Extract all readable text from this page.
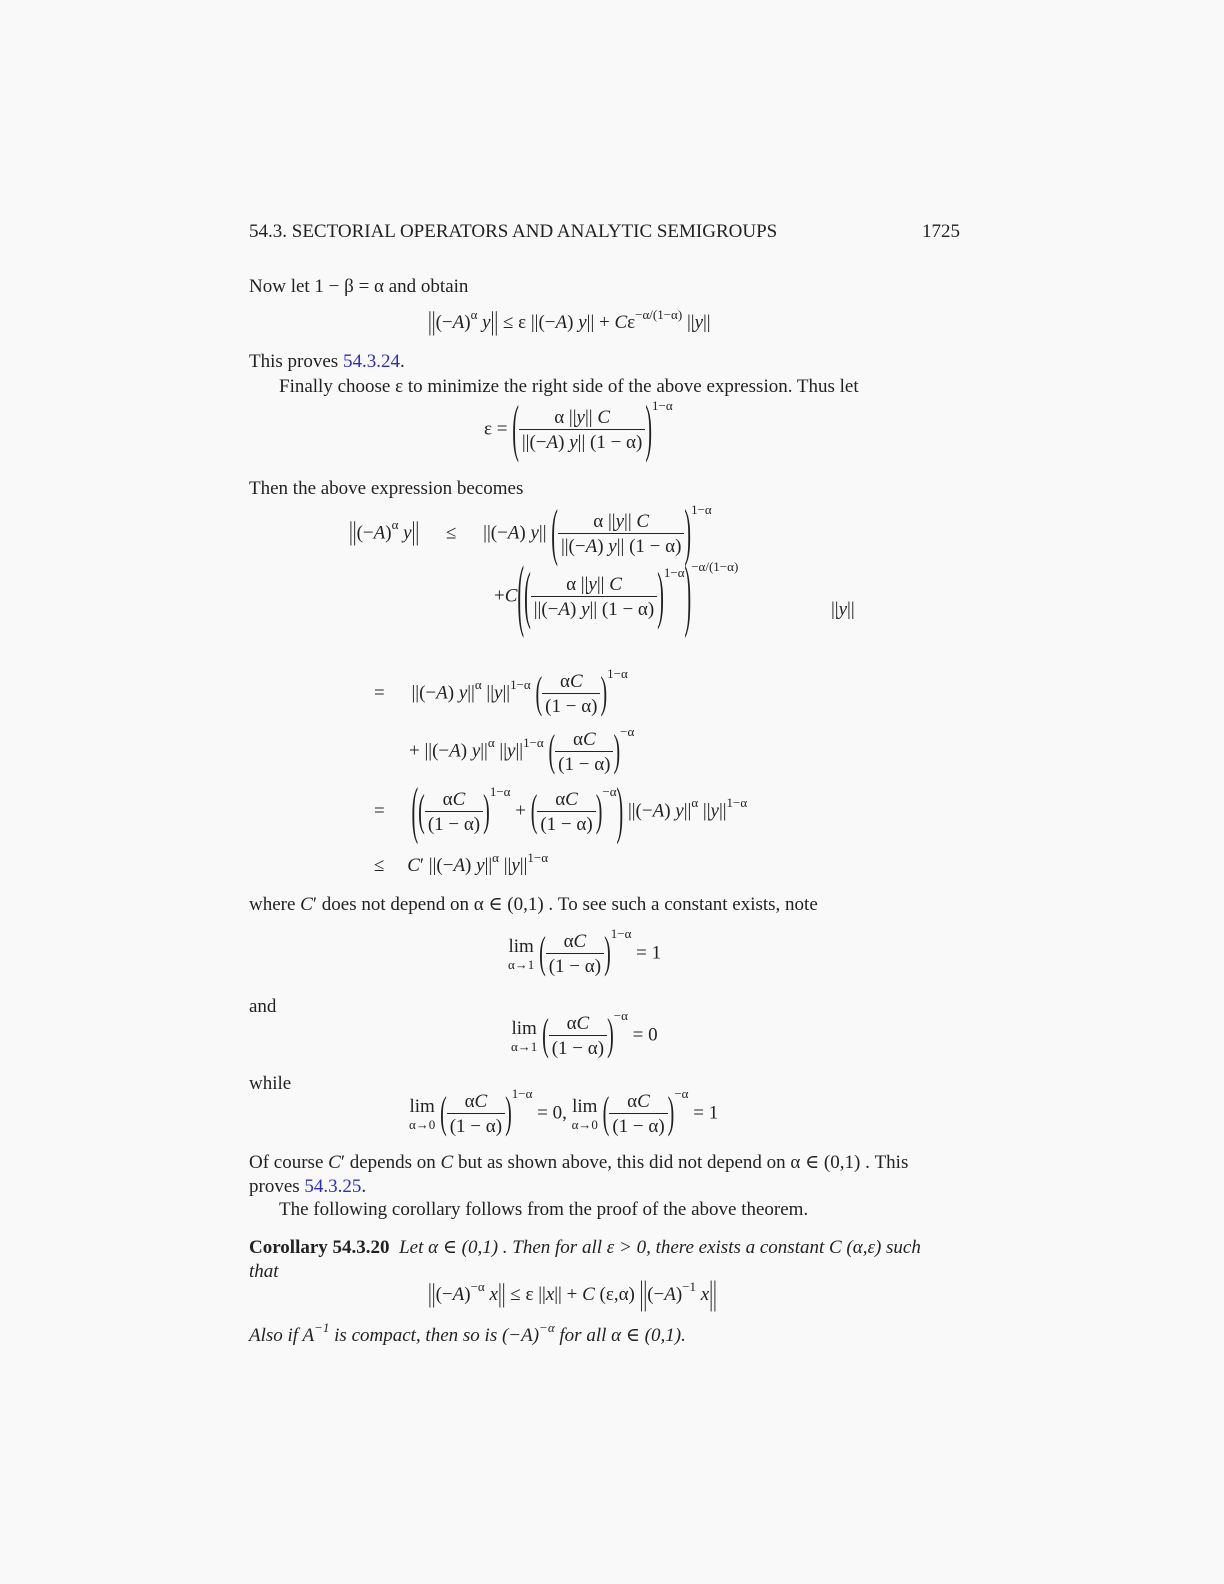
54.3. SECTORIAL OPERATORS AND ANALYTIC SEMIGROUPS	1725
Now let 1 − β = α and obtain
$||(-A)^\alpha$ y|| ≤ ε ||(−A) $y|| + C\varepsilon^{-\alpha/(1-\alpha)}$ ||y||
This proves 54.3.24.
Finally choose ε to minimize the right side of the above expression. Thus let
ε = ( $\frac{\alpha ||y|| C}{||(-A) y|| (1 - \alpha)} )^{1-\alpha}$
Then the above expression becomes
$||(-A)^\alpha$ y|| ≤ ||(−A) y|| ( $\frac{\alpha ||y|| C}{||(-A) y|| (1 - \alpha)} )^{1-\alpha}$
$+C(( \frac{\alpha ||y|| C}{||(-A) y|| (1 - \alpha)} )^{1-\alpha})^{-\alpha/(1-\alpha)}$
||y||
= ||(−A) $y||^\alpha$ $||y||^{1-\alpha}$ ( $\frac{\alpha C}{(1 - \alpha)} )^{1-\alpha}$
+ ||(−A) $y||^\alpha$ $||y||^{1-\alpha}$ ( $\frac{\alpha C}{(1 - \alpha)} )^{-\alpha}$
= (( $\frac{\alpha C}{(1 - \alpha)} )^{1-\alpha}$ + ( $\frac{\alpha C}{(1 - \alpha)} )^{-\alpha}$) ||(−A) $y||^\alpha$ $||y||^{1-\alpha}$
≤ C′ ||(−A) $y||^\alpha$ $||y||^{1-\alpha}$
where C′ does not depend on α ∈ (0,1) . To see such a constant exists, note
lim
α→1 ( $\frac{\alpha C}{(1 - \alpha)} )^{1-\alpha} = 1$
and
lim
α→1 ( $\frac{\alpha C}{(1 - \alpha)} )^{-\alpha} = 0$
while
lim
α→0 ( $\frac{\alpha C}{(1 - \alpha)} )^{1-\alpha} = 0$, lim
α→0 ( $\frac{\alpha C}{(1 - \alpha)} )^{-\alpha} = 1$
Of course C′ depends on C but as shown above, this did not depend on α ∈ (0,1) . This
proves 54.3.25.
The following corollary follows from the proof of the above theorem.
Corollary 54.3.20 Let α ∈ (0,1) . Then for all ε > 0, there exists a constant C (α,ε) such
that
$||(-A)^{-\alpha}$ x|| ≤ ε ||x|| + C (ε,α) $||(-A)^{-1}$ x||
Also if $A^{-1}$ is compact, then so is $(-A)^{-\alpha}$ for all α ∈ (0,1).
